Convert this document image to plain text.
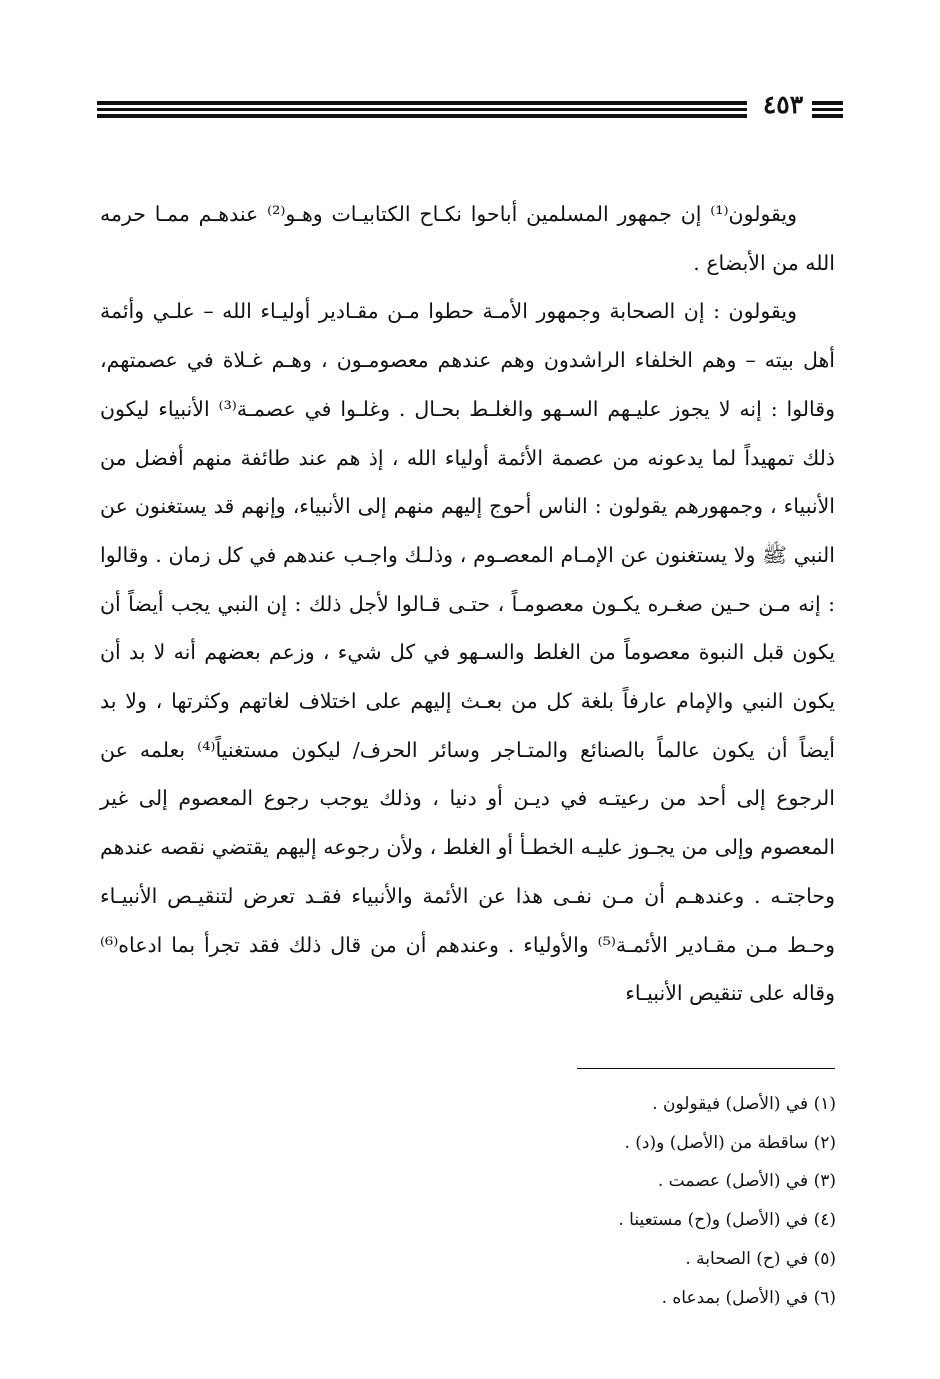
٤٥٣

ويقولون⁽¹⁾ إن جمهور المسلمين أباحوا نكـاح الكتابيـات وهـو⁽²⁾ عندهـم ممـا حرمه الله من الأبضاع .

ويقولون : إن الصحابة وجمهور الأمـة حطوا مـن مقـادير أوليـاء الله – علـي وأئمة أهل بيته – وهم الخلفاء الراشدون وهم عندهم معصومـون ، وهـم غـلاة في عصمتهم، وقالوا : إنه لا يجوز عليـهم السـهو والغلـط بحـال . وغلـوا في عصمـة⁽³⁾ الأنبياء ليكون ذلك تمهيداً لما يدعونه من عصمة الأئمة أولياء الله ، إذ هم عند طائفة منهم أفضل من الأنبياء ، وجمهورهم يقولون : الناس أحوج إليهم منهم إلى الأنبياء، وإنهم قد يستغنون عن النبي ﷺ ولا يستغنون عن الإمـام المعصـوم ، وذلـك واجـب عندهم في كل زمان . وقالوا : إنه مـن حـين صغـره يكـون معصومـاً ، حتـى قـالوا لأجل ذلك : إن النبي يجب أيضاً أن يكون قبل النبوة معصوماً من الغلط والسـهو في كل شيء ، وزعم بعضهم أنه لا بد أن يكون النبي والإمام عارفاً بلغة كل من بعـث إليهم على اختلاف لغاتهم وكثرتها ، ولا بد أيضاً أن يكون عالماً بالصنائع والمتـاجر وسائر الحرف/ ليكون مستغنياً⁽⁴⁾ بعلمه عن الرجوع إلى أحد من رعيتـه في ديـن أو دنيا ، وذلك يوجب رجوع المعصوم إلى غير المعصوم وإلى من يجـوز عليـه الخطـأ أو الغلط ، ولأن رجوعه إليهم يقتضي نقصه عندهم وحاجتـه . وعندهـم أن مـن نفـى هذا عن الأئمة والأنبياء فقـد تعرض لتنقيـص الأنبيـاء وحـط مـن مقـادير الأئمـة⁽⁵⁾ والأولياء . وعندهم أن من قال ذلك فقد تجرأ بما ادعاه⁽⁶⁾ وقاله على تنقيص الأنبيـاء

(١) في (الأصل) فيقولون .
(٢) ساقطة من (الأصل) و(د) .
(٣) في (الأصل) عصمت .
(٤) في (الأصل) و(ح) مستعينا .
(٥) في (ح) الصحابة .
(٦) في (الأصل) بمدعاه .
